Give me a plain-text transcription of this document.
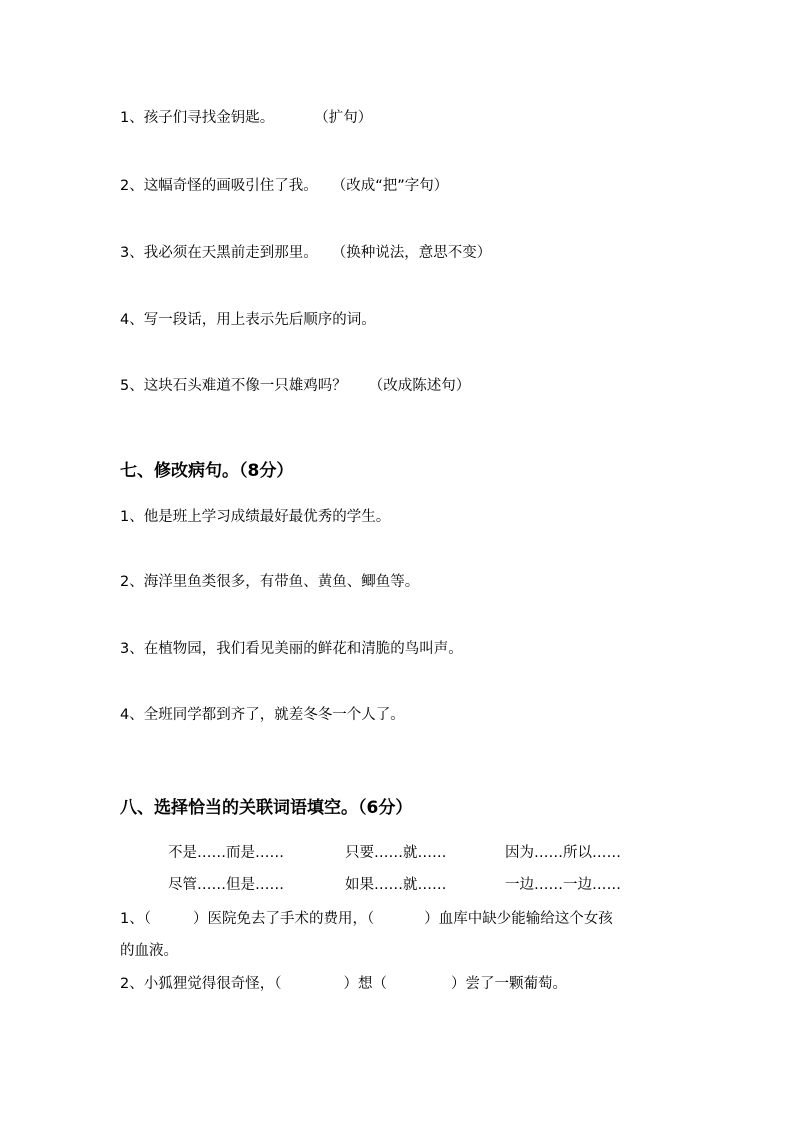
1、孩子们寻找金钥匙。	（扩句）
2、这幅奇怪的画吸引住了我。 （改成“把”字句）
3、我必须在天黑前走到那里。 （换种说法，意思不变）
4、写一段话，用上表示先后顺序的词。
5、这块石头难道不像一只雄鸡吗？ （改成陈述句）
七、修改病句。（8分）
1、他是班上学习成绩最好最优秀的学生。
2、海洋里鱼类很多，有带鱼、黄鱼、鲫鱼等。
3、在植物园，我们看见美丽的鲜花和清脆的鸟叫声。
4、全班同学都到齐了，就差冬冬一个人了。
八、选择恰当的关联词语填空。（6分）
不是……而是……	只要……就……	因为……所以……
尽管……但是……	如果……就……	一边……一边……
1、（	）医院免去了手术的费用，（	）血库中缺少能输给这个女孩
的血液。
2、小狐狸觉得很奇怪，（	）想（	）尝了一颗葡萄。
